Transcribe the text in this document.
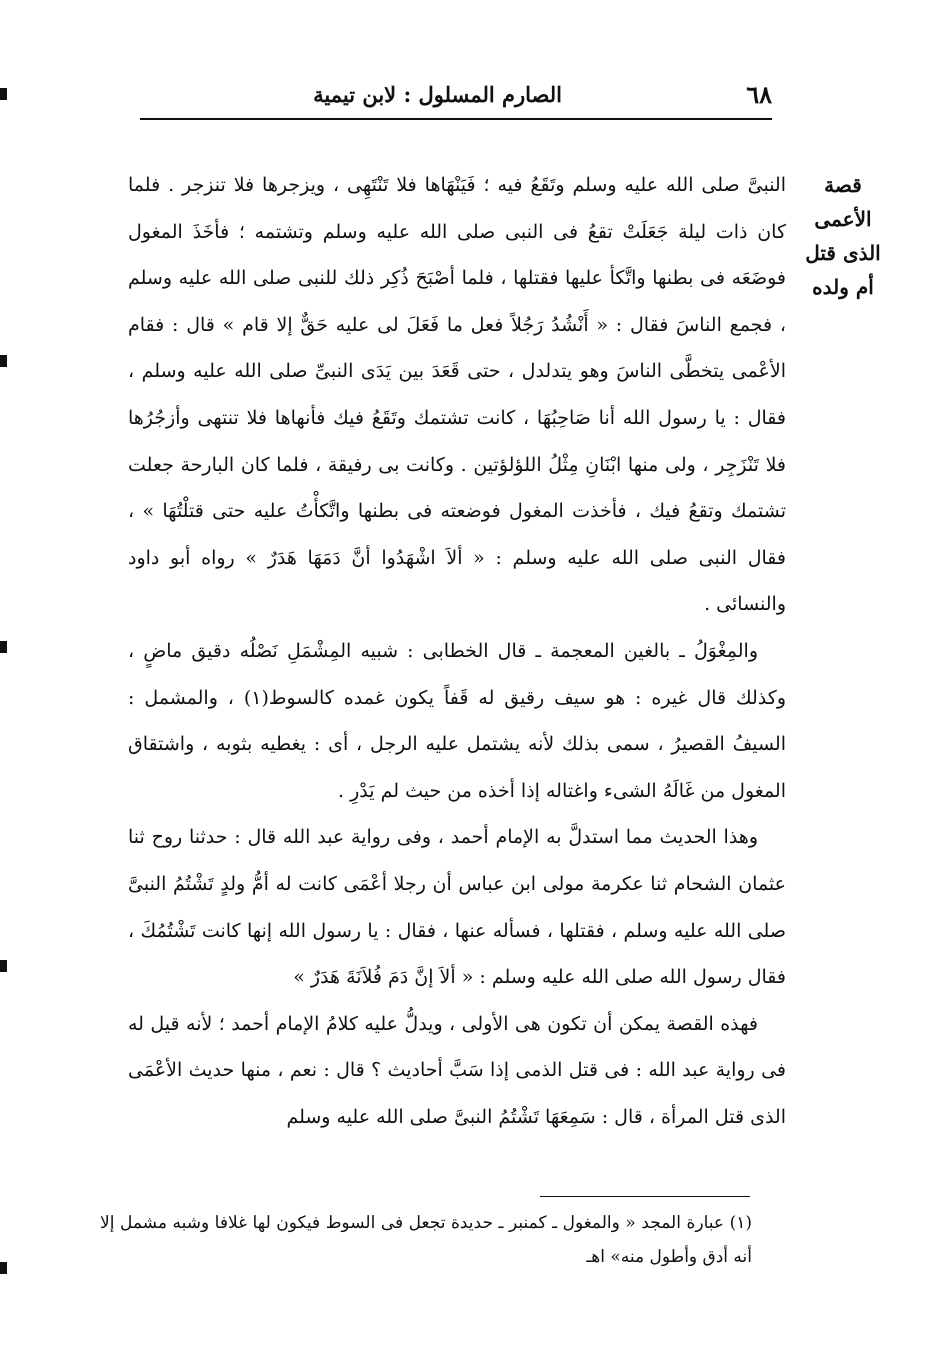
٦٨
الصارم المسلول : لابن تيمية
قصة الأعمى
الذى قتل
أم ولده

النبىَّ صلى الله عليه وسلم وتَقَعُ فيه ؛ فَيَنْهَاها فلا تَنْتَهِى ، ويزجرها فلا تنزجر . فلما كان ذات ليلة جَعَلَتْ تقعُ فى النبى صلى الله عليه وسلم وتشتمه ؛ فأخَذَ المغول فوضَعَه فى بطنها واتَّكأ عليها فقتلها ، فلما أصْبَحَ ذُكِر ذلك للنبى صلى الله عليه وسلم ، فجمع الناسَ فقال : « أَنْشُدُ رَجُلاً فعل ما فَعَلَ لى عليه حَقٌّ إلا قام » قال : فقام الأعْمى يتخطَّى الناسَ وهو يتدلدل ، حتى قَعَدَ بين يَدَى النبىِّ صلى الله عليه وسلم ، فقال : يا رسول الله أنا صَاحِبُهَا ، كانت تشتمك وتَقَعُ فيك فأنهاها فلا تنتهى وأزجُرُها فلا تَنْزَجِر ، ولى منها ابْنَانِ مِثْلُ اللؤلؤتين . وكانت بى رفيقة ، فلما كان البارحة جعلت تشتمك وتقعُ فيك ، فأخذت المغول فوضعته فى بطنها واتَّكأْتُ عليه حتى قتلْتُهَا » ، فقال النبى صلى الله عليه وسلم : « ألاَ اشْهَدُوا أنَّ دَمَهَا هَدَرٌ » رواه أبو داود والنسائى .

والمِغْوَلُ ـ بالغين المعجمة ـ قال الخطابى : شبيه المِشْمَلِ نَصْلُه دقيق ماضٍ ، وكذلك قال غيره : هو سيف رقيق له قَفاً يكون غمده كالسوط(١) ، والمشمل : السيفُ القصيرُ ، سمى بذلك لأنه يشتمل عليه الرجل ، أى : يغطيه بثوبه ، واشتقاق المغول من غَالَهُ الشىء واغتاله إذا أخذه من حيث لم يَدْرِ .

وهذا الحديث مما استدلَّ به الإمام أحمد ، وفى رواية عبد الله قال : حدثنا روح ثنا عثمان الشحام ثنا عكرمة مولى ابن عباس أن رجلا أعْمَى كانت له أمُّ ولدٍ تَشْتُمُ النبىَّ صلى الله عليه وسلم ، فقتلها ، فسأله عنها ، فقال : يا رسول الله إنها كانت تَشْتُمُكَ ، فقال رسول الله صلى الله عليه وسلم : « ألاَ إنَّ دَمَ فُلاَنَةَ هَدَرٌ »

فهذه القصة يمكن أن تكون هى الأولى ، ويدلُّ عليه كلامُ الإمام أحمد ؛ لأنه قيل له فى رواية عبد الله : فى قتل الذمى إذا سَبَّ أحاديث ؟ قال : نعم ، منها حديث الأعْمَى الذى قتل المرأة ، قال : سَمِعَهَا تَشْتُمُ النبىَّ صلى الله عليه وسلم

(١) عبارة المجد « والمغول ـ كمنبر ـ حديدة تجعل فى السوط فيكون لها غلافا وشبه مشمل إلا أنه أدق وأطول منه» اهـ
